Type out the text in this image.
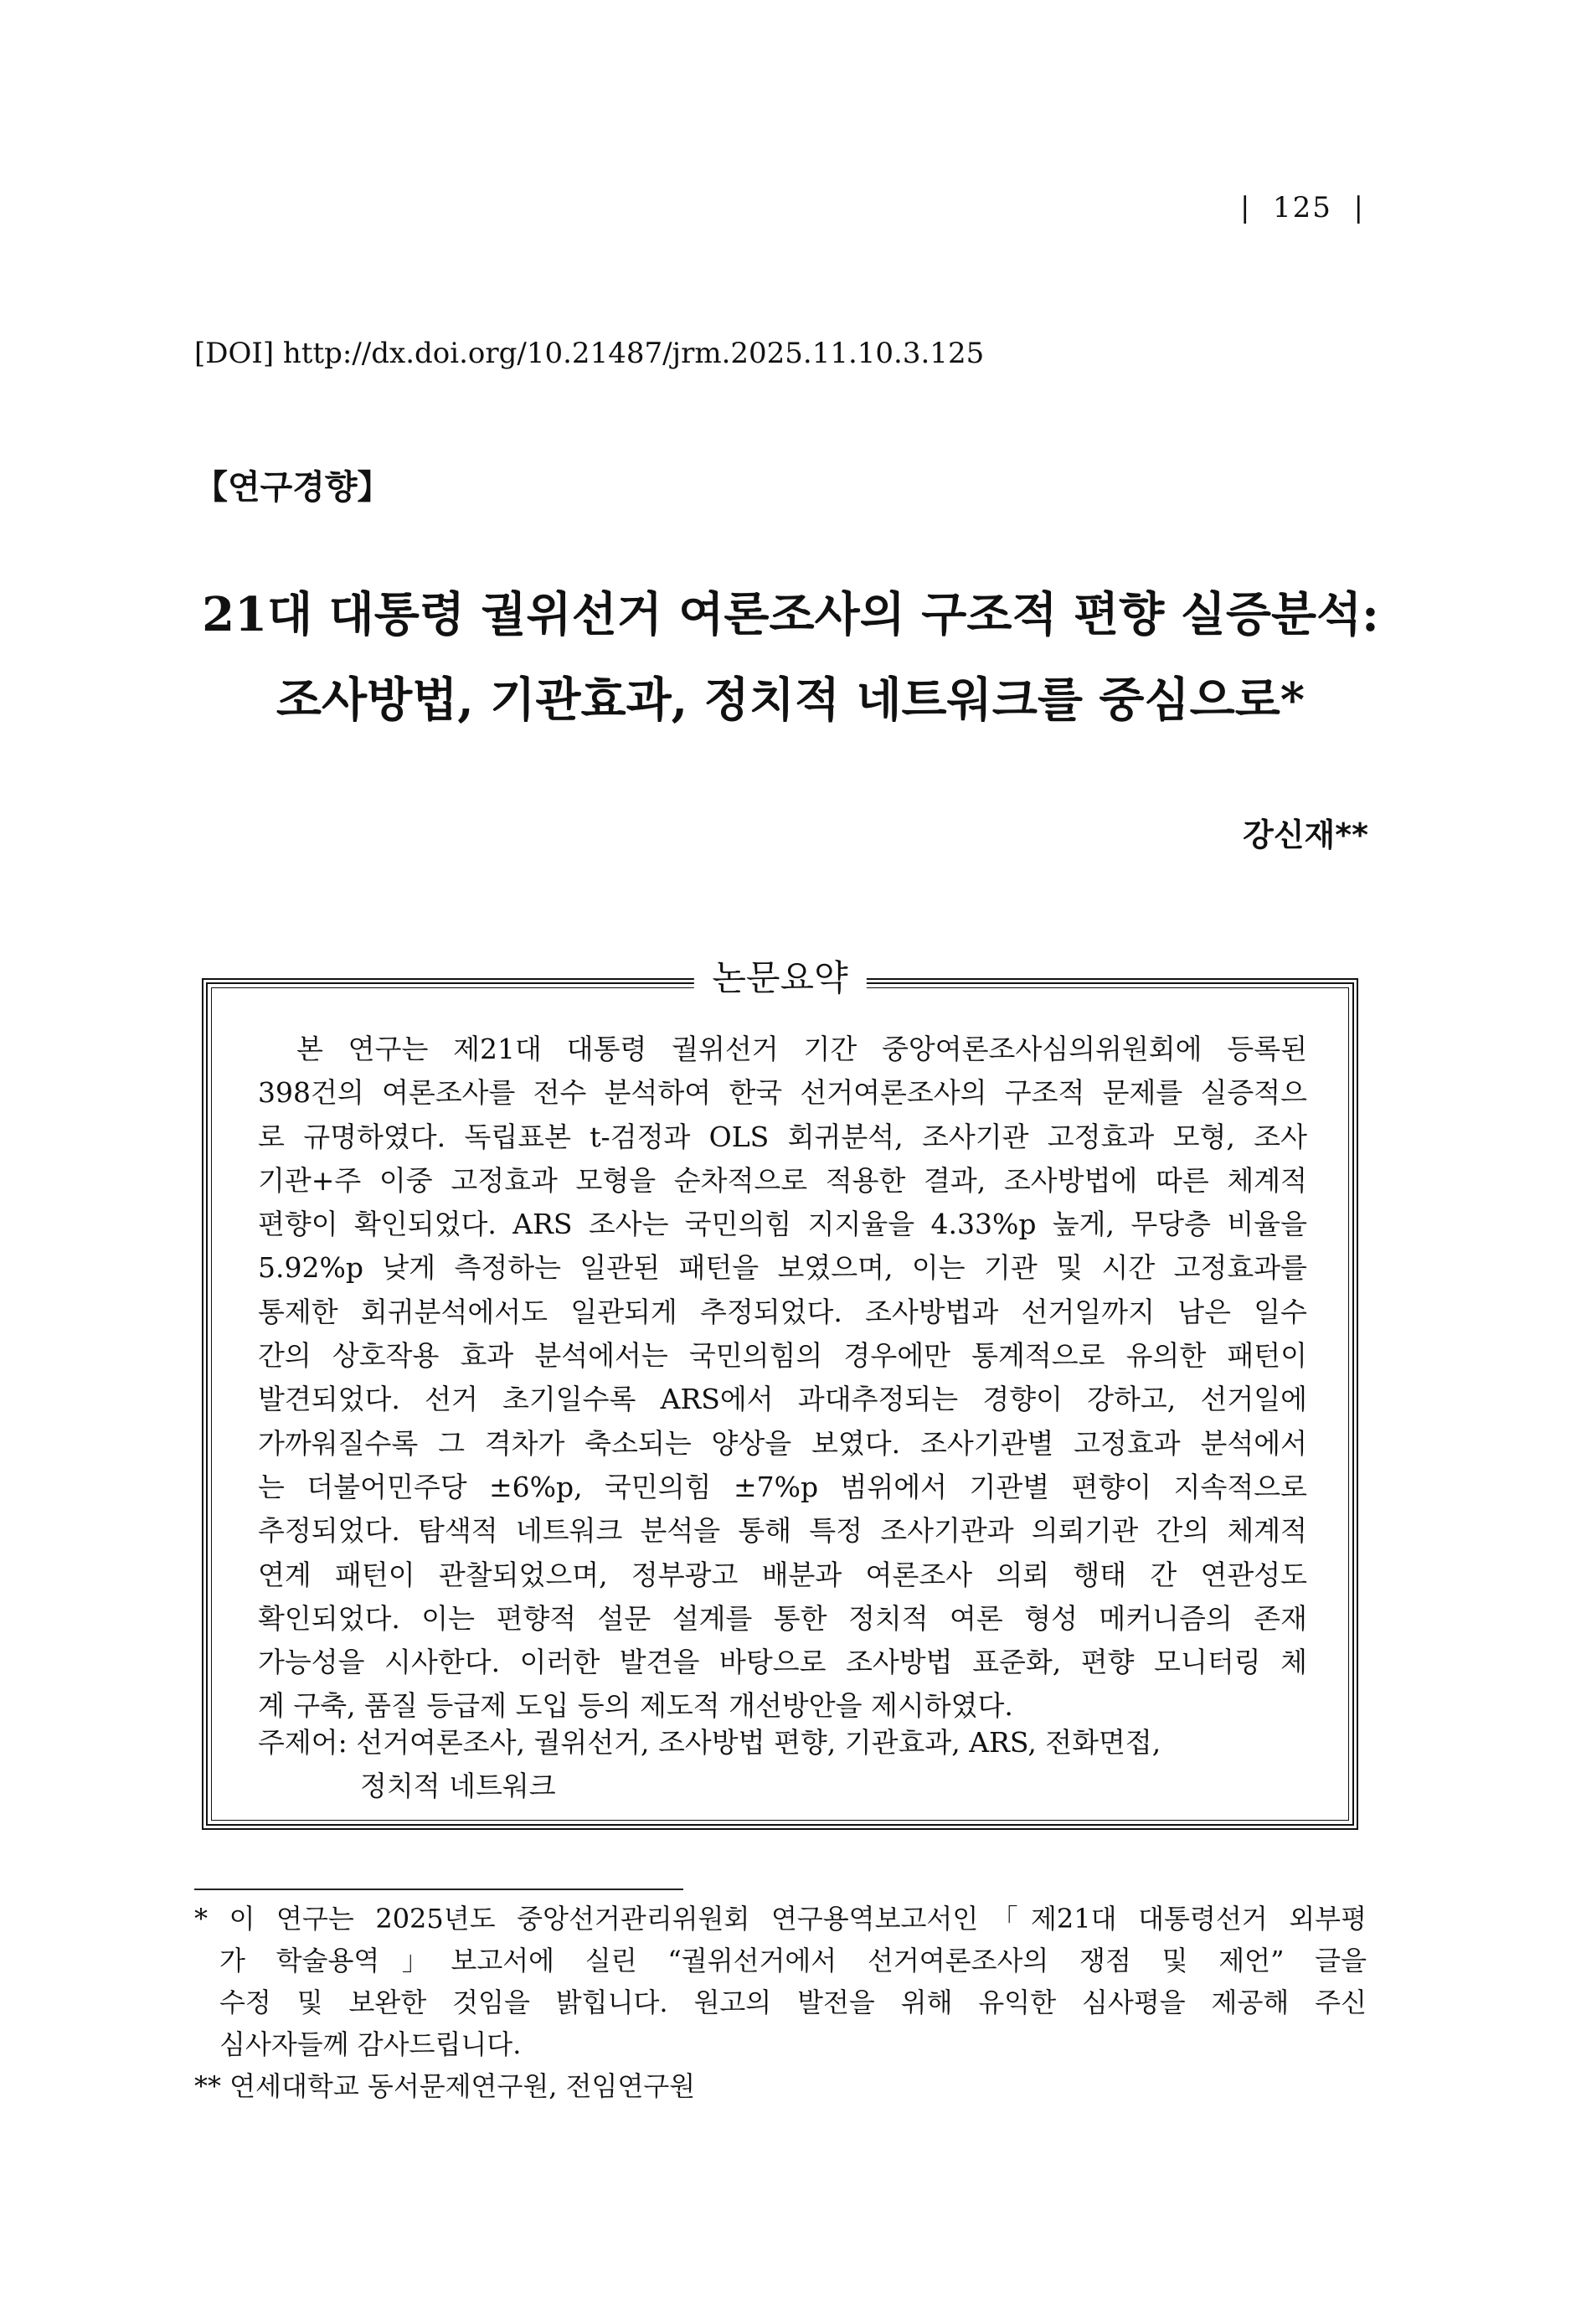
|  125  |
[DOI] http://dx.doi.org/10.21487/jrm.2025.11.10.3.125
【연구경향】
21대 대통령 궐위선거 여론조사의 구조적 편향 실증분석:
조사방법, 기관효과, 정치적 네트워크를 중심으로*
강신재**
논문요약
본 연구는 제21대 대통령 궐위선거 기간 중앙여론조사심의위원회에 등록된
398건의 여론조사를 전수 분석하여 한국 선거여론조사의 구조적 문제를 실증적으
로 규명하였다. 독립표본 t-검정과 OLS 회귀분석, 조사기관 고정효과 모형, 조사
기관+주 이중 고정효과 모형을 순차적으로 적용한 결과, 조사방법에 따른 체계적
편향이 확인되었다. ARS 조사는 국민의힘 지지율을 4.33%p 높게, 무당층 비율을
5.92%p 낮게 측정하는 일관된 패턴을 보였으며, 이는 기관 및 시간 고정효과를
통제한 회귀분석에서도 일관되게 추정되었다. 조사방법과 선거일까지 남은 일수
간의 상호작용 효과 분석에서는 국민의힘의 경우에만 통계적으로 유의한 패턴이
발견되었다. 선거 초기일수록 ARS에서 과대추정되는 경향이 강하고, 선거일에
가까워질수록 그 격차가 축소되는 양상을 보였다. 조사기관별 고정효과 분석에서
는 더불어민주당 ±6%p, 국민의힘 ±7%p 범위에서 기관별 편향이 지속적으로
추정되었다. 탐색적 네트워크 분석을 통해 특정 조사기관과 의뢰기관 간의 체계적
연계 패턴이 관찰되었으며, 정부광고 배분과 여론조사 의뢰 행태 간 연관성도
확인되었다. 이는 편향적 설문 설계를 통한 정치적 여론 형성 메커니즘의 존재
가능성을 시사한다. 이러한 발견을 바탕으로 조사방법 표준화, 편향 모니터링 체
계 구축, 품질 등급제 도입 등의 제도적 개선방안을 제시하였다.
주제어: 선거여론조사, 궐위선거, 조사방법 편향, 기관효과, ARS, 전화면접,
정치적 네트워크
* 이 연구는 2025년도 중앙선거관리위원회 연구용역보고서인「제21대 대통령선거 외부평
가 학술용역」보고서에 실린 “궐위선거에서 선거여론조사의 쟁점 및 제언” 글을
수정 및 보완한 것임을 밝힙니다. 원고의 발전을 위해 유익한 심사평을 제공해 주신
심사자들께 감사드립니다.
** 연세대학교 동서문제연구원, 전임연구원
